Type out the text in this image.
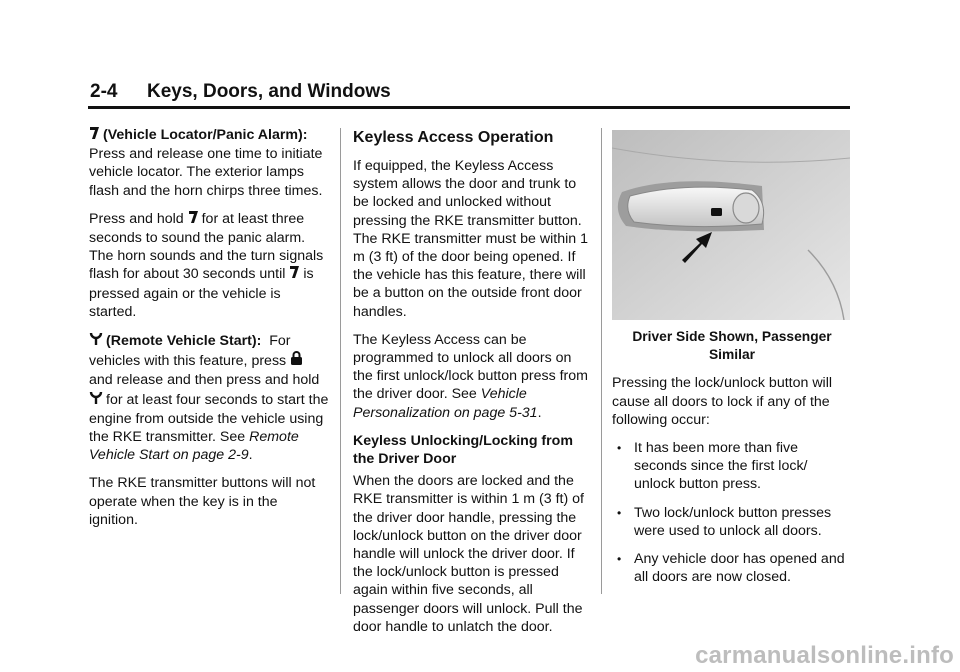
2-4 Keys, Doors, and Windows

(Vehicle Locator/Panic Alarm):  Press and release one time to initiate vehicle locator. The exterior lamps flash and the horn chirps three times.

Press and hold for at least three seconds to sound the panic alarm. The horn sounds and the turn signals flash for about 30 seconds until is pressed again or the vehicle is started.

(Remote Vehicle Start): For vehicles with this feature, press and release and then press and hold for at least four seconds to start the engine from outside the vehicle using the RKE transmitter. See Remote Vehicle Start on page 2-9.

The RKE transmitter buttons will not operate when the key is in the ignition.

Keyless Access Operation

If equipped, the Keyless Access system allows the door and trunk to be locked and unlocked without pressing the RKE transmitter button. The RKE transmitter must be within 1 m (3 ft) of the door being opened. If the vehicle has this feature, there will be a button on the outside front door handles.

The Keyless Access can be programmed to unlock all doors on the first unlock/lock button press from the driver door. See Vehicle Personalization on page 5-31.

Keyless Unlocking/Locking from the Driver Door

When the doors are locked and the RKE transmitter is within 1 m (3 ft) of the driver door handle, pressing the lock/unlock button on the driver door handle will unlock the driver door. If the lock/unlock button is pressed again within five seconds, all passenger doors will unlock. Pull the door handle to unlatch the door.

Driver Side Shown, Passenger Similar

Pressing the lock/unlock button will cause all doors to lock if any of the following occur:

• It has been more than five seconds since the first lock/ unlock button press.
• Two lock/unlock button presses were used to unlock all doors.
• Any vehicle door has opened and all doors are now closed.
carmanualsonline.info
